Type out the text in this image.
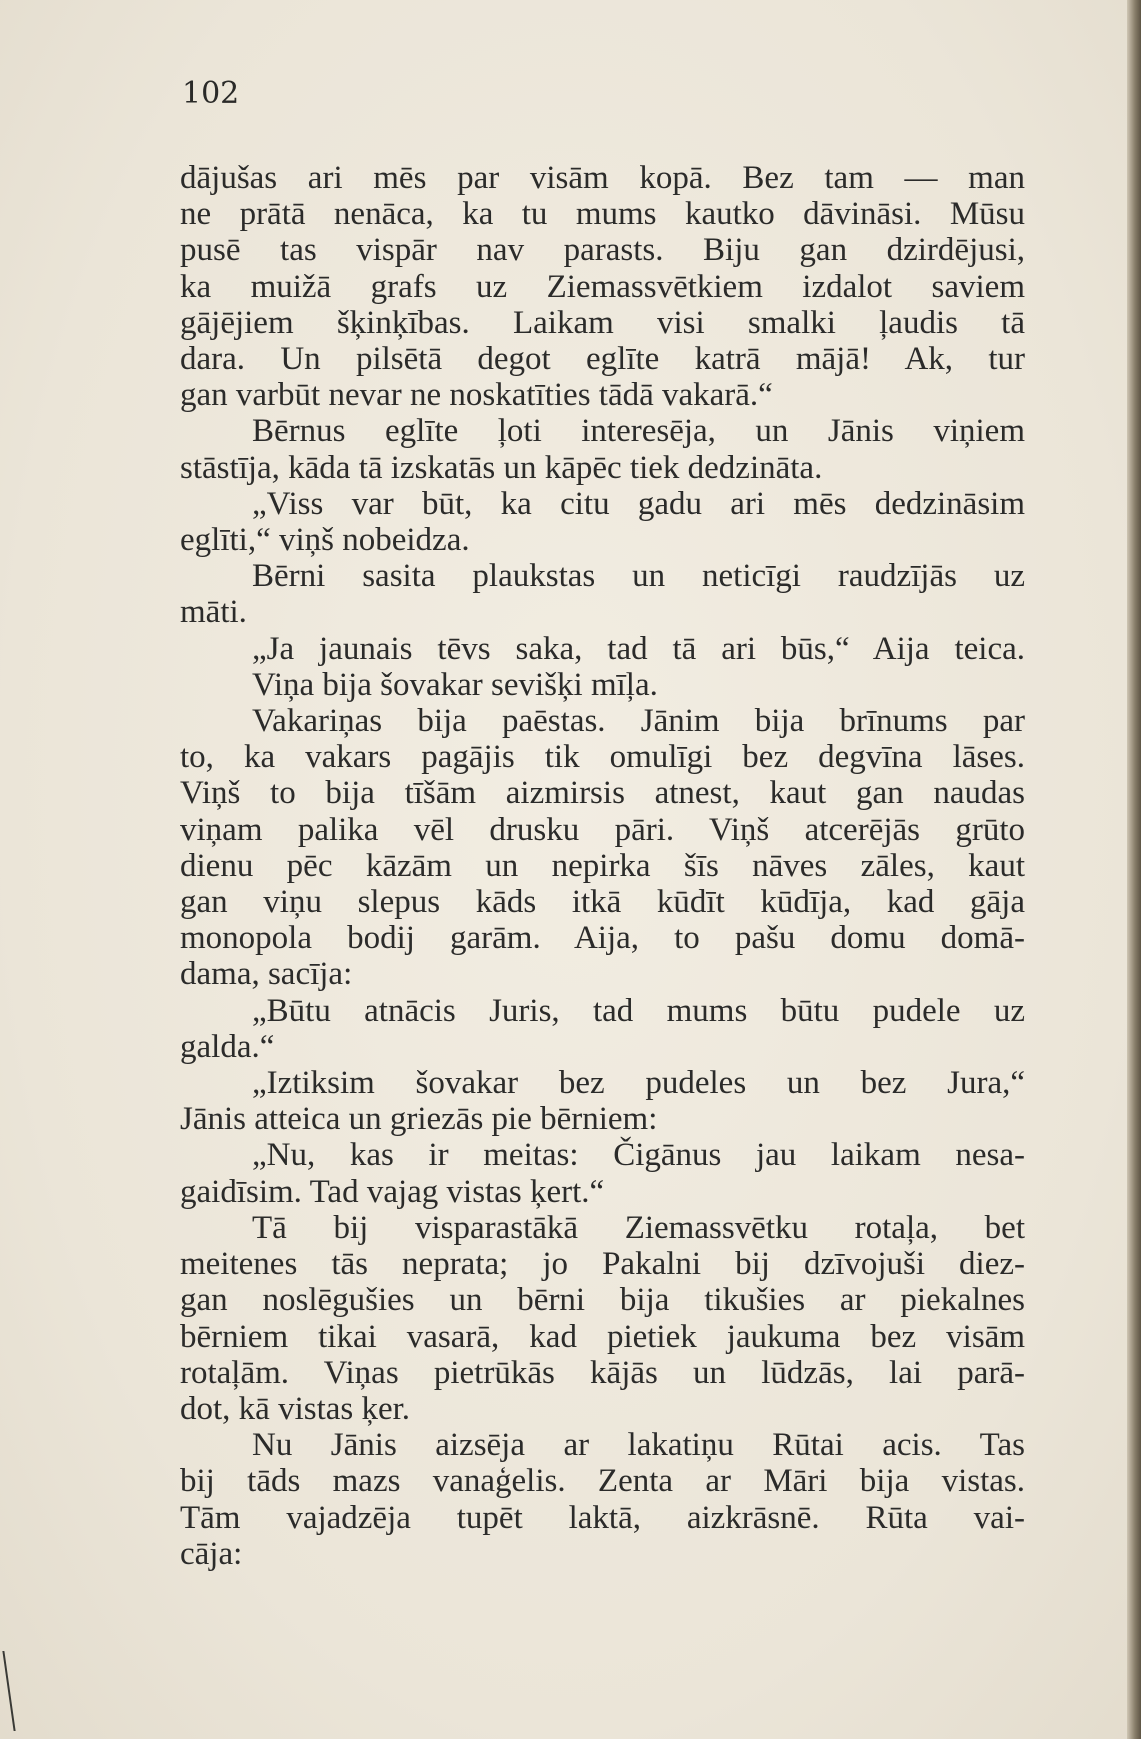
102
dājušas ari mēs par visām kopā. Bez tam — man
ne prātā nenāca, ka tu mums kautko dāvināsi. Mūsu
pusē tas vispār nav parasts. Biju gan dzirdējusi,
ka muižā grafs uz Ziemassvētkiem izdalot saviem
gājējiem šķinķības. Laikam visi smalki ļaudis tā
dara. Un pilsētā degot eglīte katrā mājā! Ak, tur
gan varbūt nevar ne noskatīties tādā vakarā.“
Bērnus eglīte ļoti interesēja, un Jānis viņiem
stāstīja, kāda tā izskatās un kāpēc tiek dedzināta.
„Viss var būt, ka citu gadu ari mēs dedzināsim
eglīti,“ viņš nobeidza.
Bērni sasita plaukstas un neticīgi raudzījās uz
māti.
„Ja jaunais tēvs saka, tad tā ari būs,“ Aija teica.
Viņa bija šovakar sevišķi mīļa.
Vakariņas bija paēstas. Jānim bija brīnums par
to, ka vakars pagājis tik omulīgi bez degvīna lāses.
Viņš to bija tīšām aizmirsis atnest, kaut gan naudas
viņam palika vēl drusku pāri. Viņš atcerējās grūto
dienu pēc kāzām un nepirka šīs nāves zāles, kaut
gan viņu slepus kāds itkā kūdīt kūdīja, kad gāja
monopola bodij garām. Aija, to pašu domu domā-
dama, sacīja:
„Būtu atnācis Juris, tad mums būtu pudele uz
galda.“
„Iztiksim šovakar bez pudeles un bez Jura,“
Jānis atteica un griezās pie bērniem:
„Nu, kas ir meitas: Čigānus jau laikam nesa-
gaidīsim. Tad vajag vistas ķert.“
Tā bij visparastākā Ziemassvētku rotaļa, bet
meitenes tās neprata; jo Pakalni bij dzīvojuši diez-
gan noslēgušies un bērni bija tikušies ar piekalnes
bērniem tikai vasarā, kad pietiek jaukuma bez visām
rotaļām. Viņas pietrūkās kājās un lūdzās, lai parā-
dot, kā vistas ķer.
Nu Jānis aizsēja ar lakatiņu Rūtai acis. Tas
bij tāds mazs vanaģelis. Zenta ar Māri bija vistas.
Tām vajadzēja tupēt laktā, aizkrāsnē. Rūta vai-
cāja:
